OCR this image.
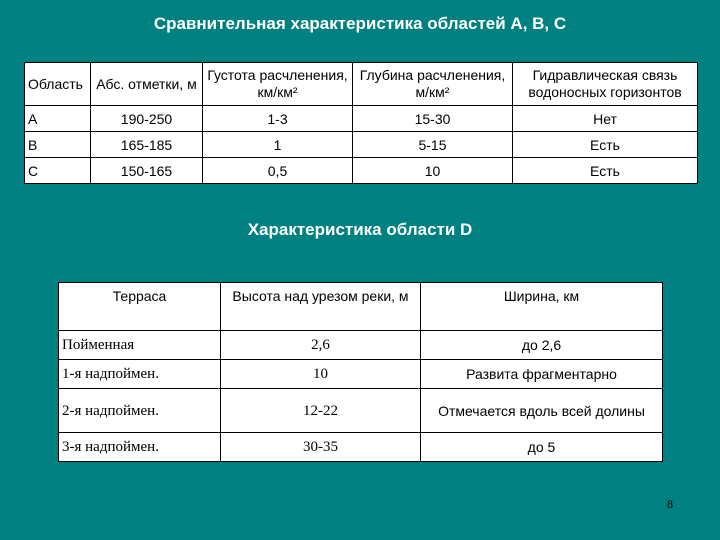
Сравнительная характеристика областей А, В, С
Область	Абс. отметки, м	Густота расчленения, км/км²	Глубина расчленения, м/км²	Гидравлическая связь водоносных горизонтов
А	190-250	1-3	15-30	Нет
В	165-185	1	5-15	Есть
С	150-165	0,5	10	Есть
Характеристика области D
Терраса	Высота над урезом реки, м	Ширина, км
Пойменная	2,6	до 2,6
1-я надпоймен.	10	Развита фрагментарно
2-я надпоймен.	12-22	Отмечается вдоль всей долины
3-я надпоймен.	30-35	до 5
8
